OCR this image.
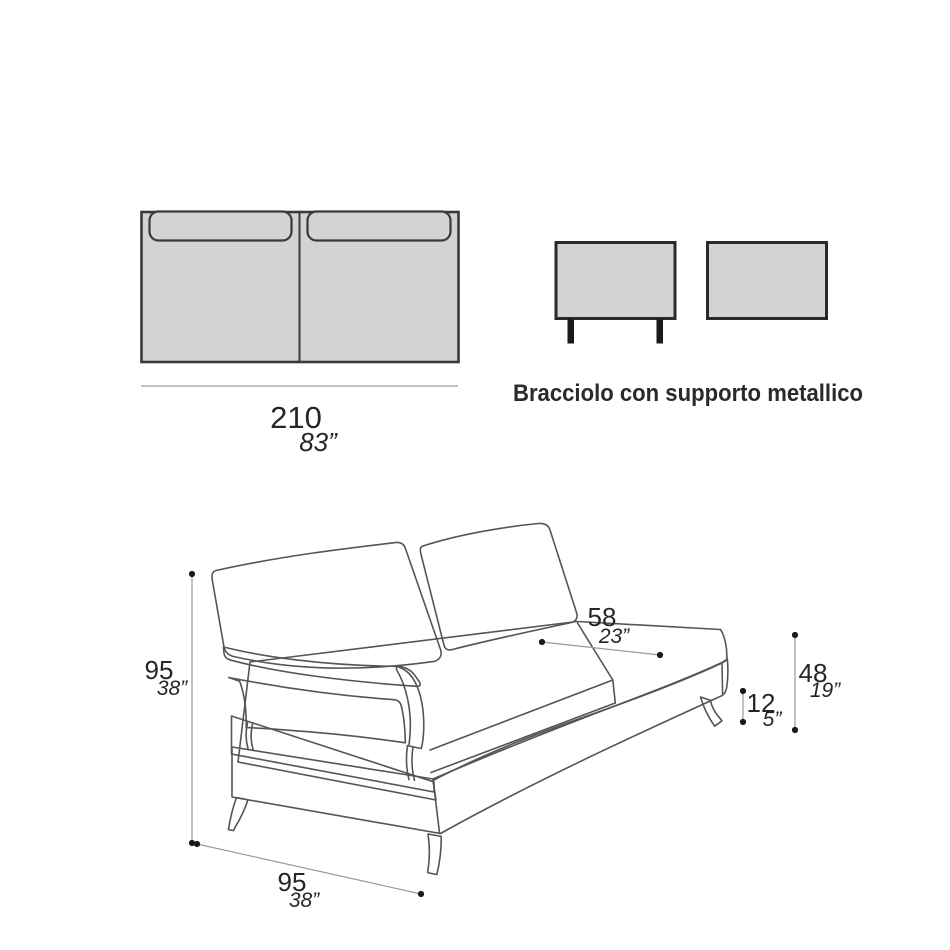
210
83”
Bracciolo con supporto metallico
95
38”
95
38”
58
23”
48
19”
12
5”
